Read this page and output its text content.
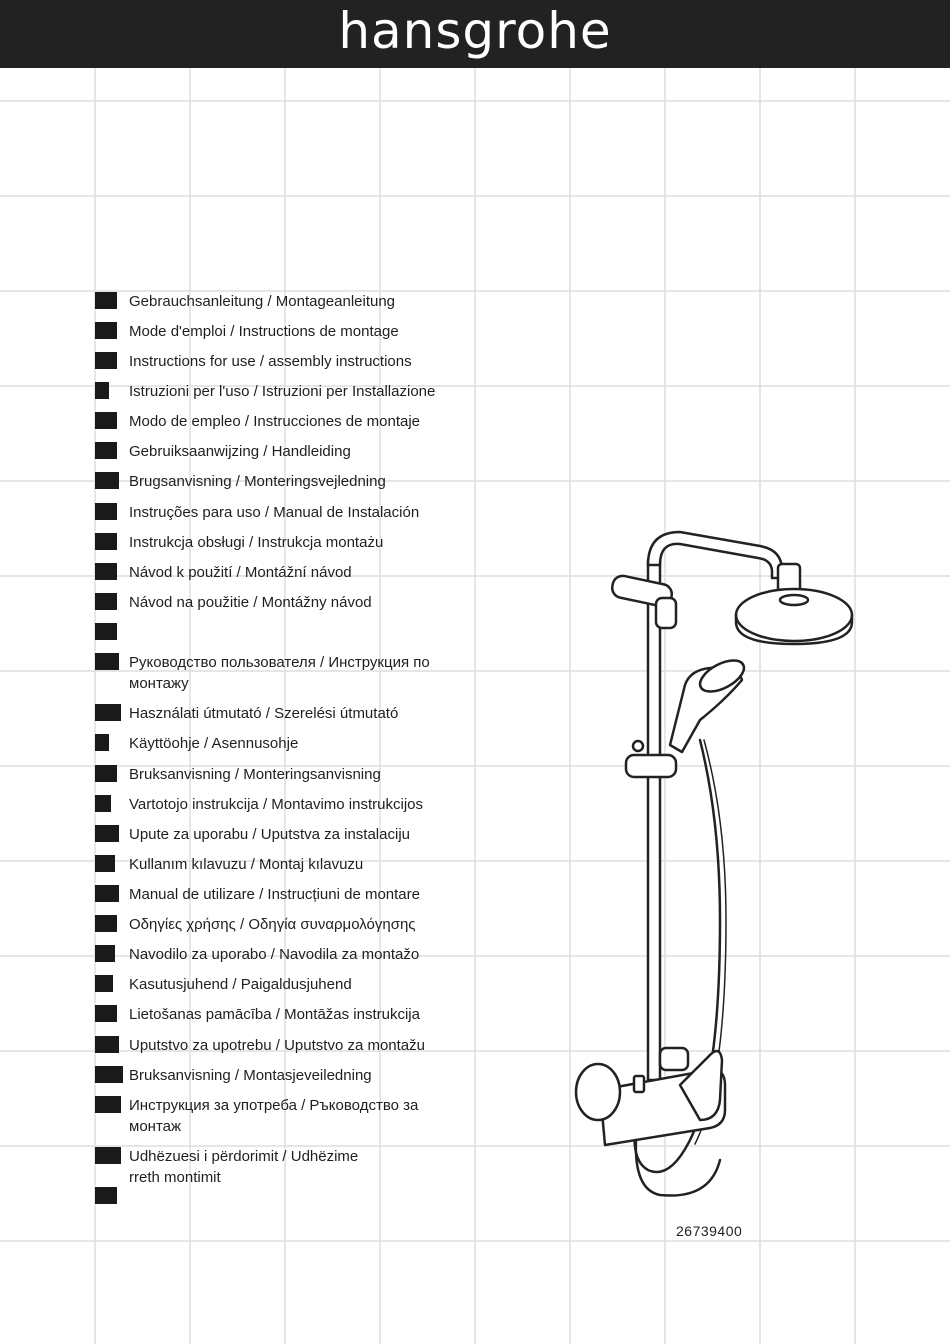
hansgrohe
Gebrauchsanleitung / Montageanleitung
Mode d'emploi / Instructions de montage
Instructions for use / assembly instructions
Istruzioni per l'uso / Istruzioni per Installazione
Modo de empleo / Instrucciones de montaje
Gebruiksaanwijzing / Handleiding
Brugsanvisning / Monteringsvejledning
Instruções para uso / Manual de Instalación
Instrukcja obsługi / Instrukcja montażu
Návod k použití / Montážní návod
Návod na použitie / Montážny návod
Руководство пользователя / Инструкция по монтажу
Használati útmutató / Szerelési útmutató
Käyttöohje / Asennusohje
Bruksanvisning / Monteringsanvisning
Vartotojo instrukcija / Montavimo instrukcijos
Upute za uporabu / Uputstva za instalaciju
Kullanım kılavuzu / Montaj kılavuzu
Manual de utilizare / Instrucțiuni de montare
Οδηγίες χρήσης / Οδηγία συναρμολόγησης
Navodilo za uporabo / Navodila za montažo
Kasutusjuhend / Paigaldusjuhend
Lietošanas pamācība / Montāžas instrukcija
Uputstvo za upotrebu / Uputstvo za montažu
Bruksanvisning / Montasjeveiledning
Инструкция за употреба / Ръководство за монтаж
Udhëzuesi i përdorimit / Udhëzime rreth montimit
26739400
